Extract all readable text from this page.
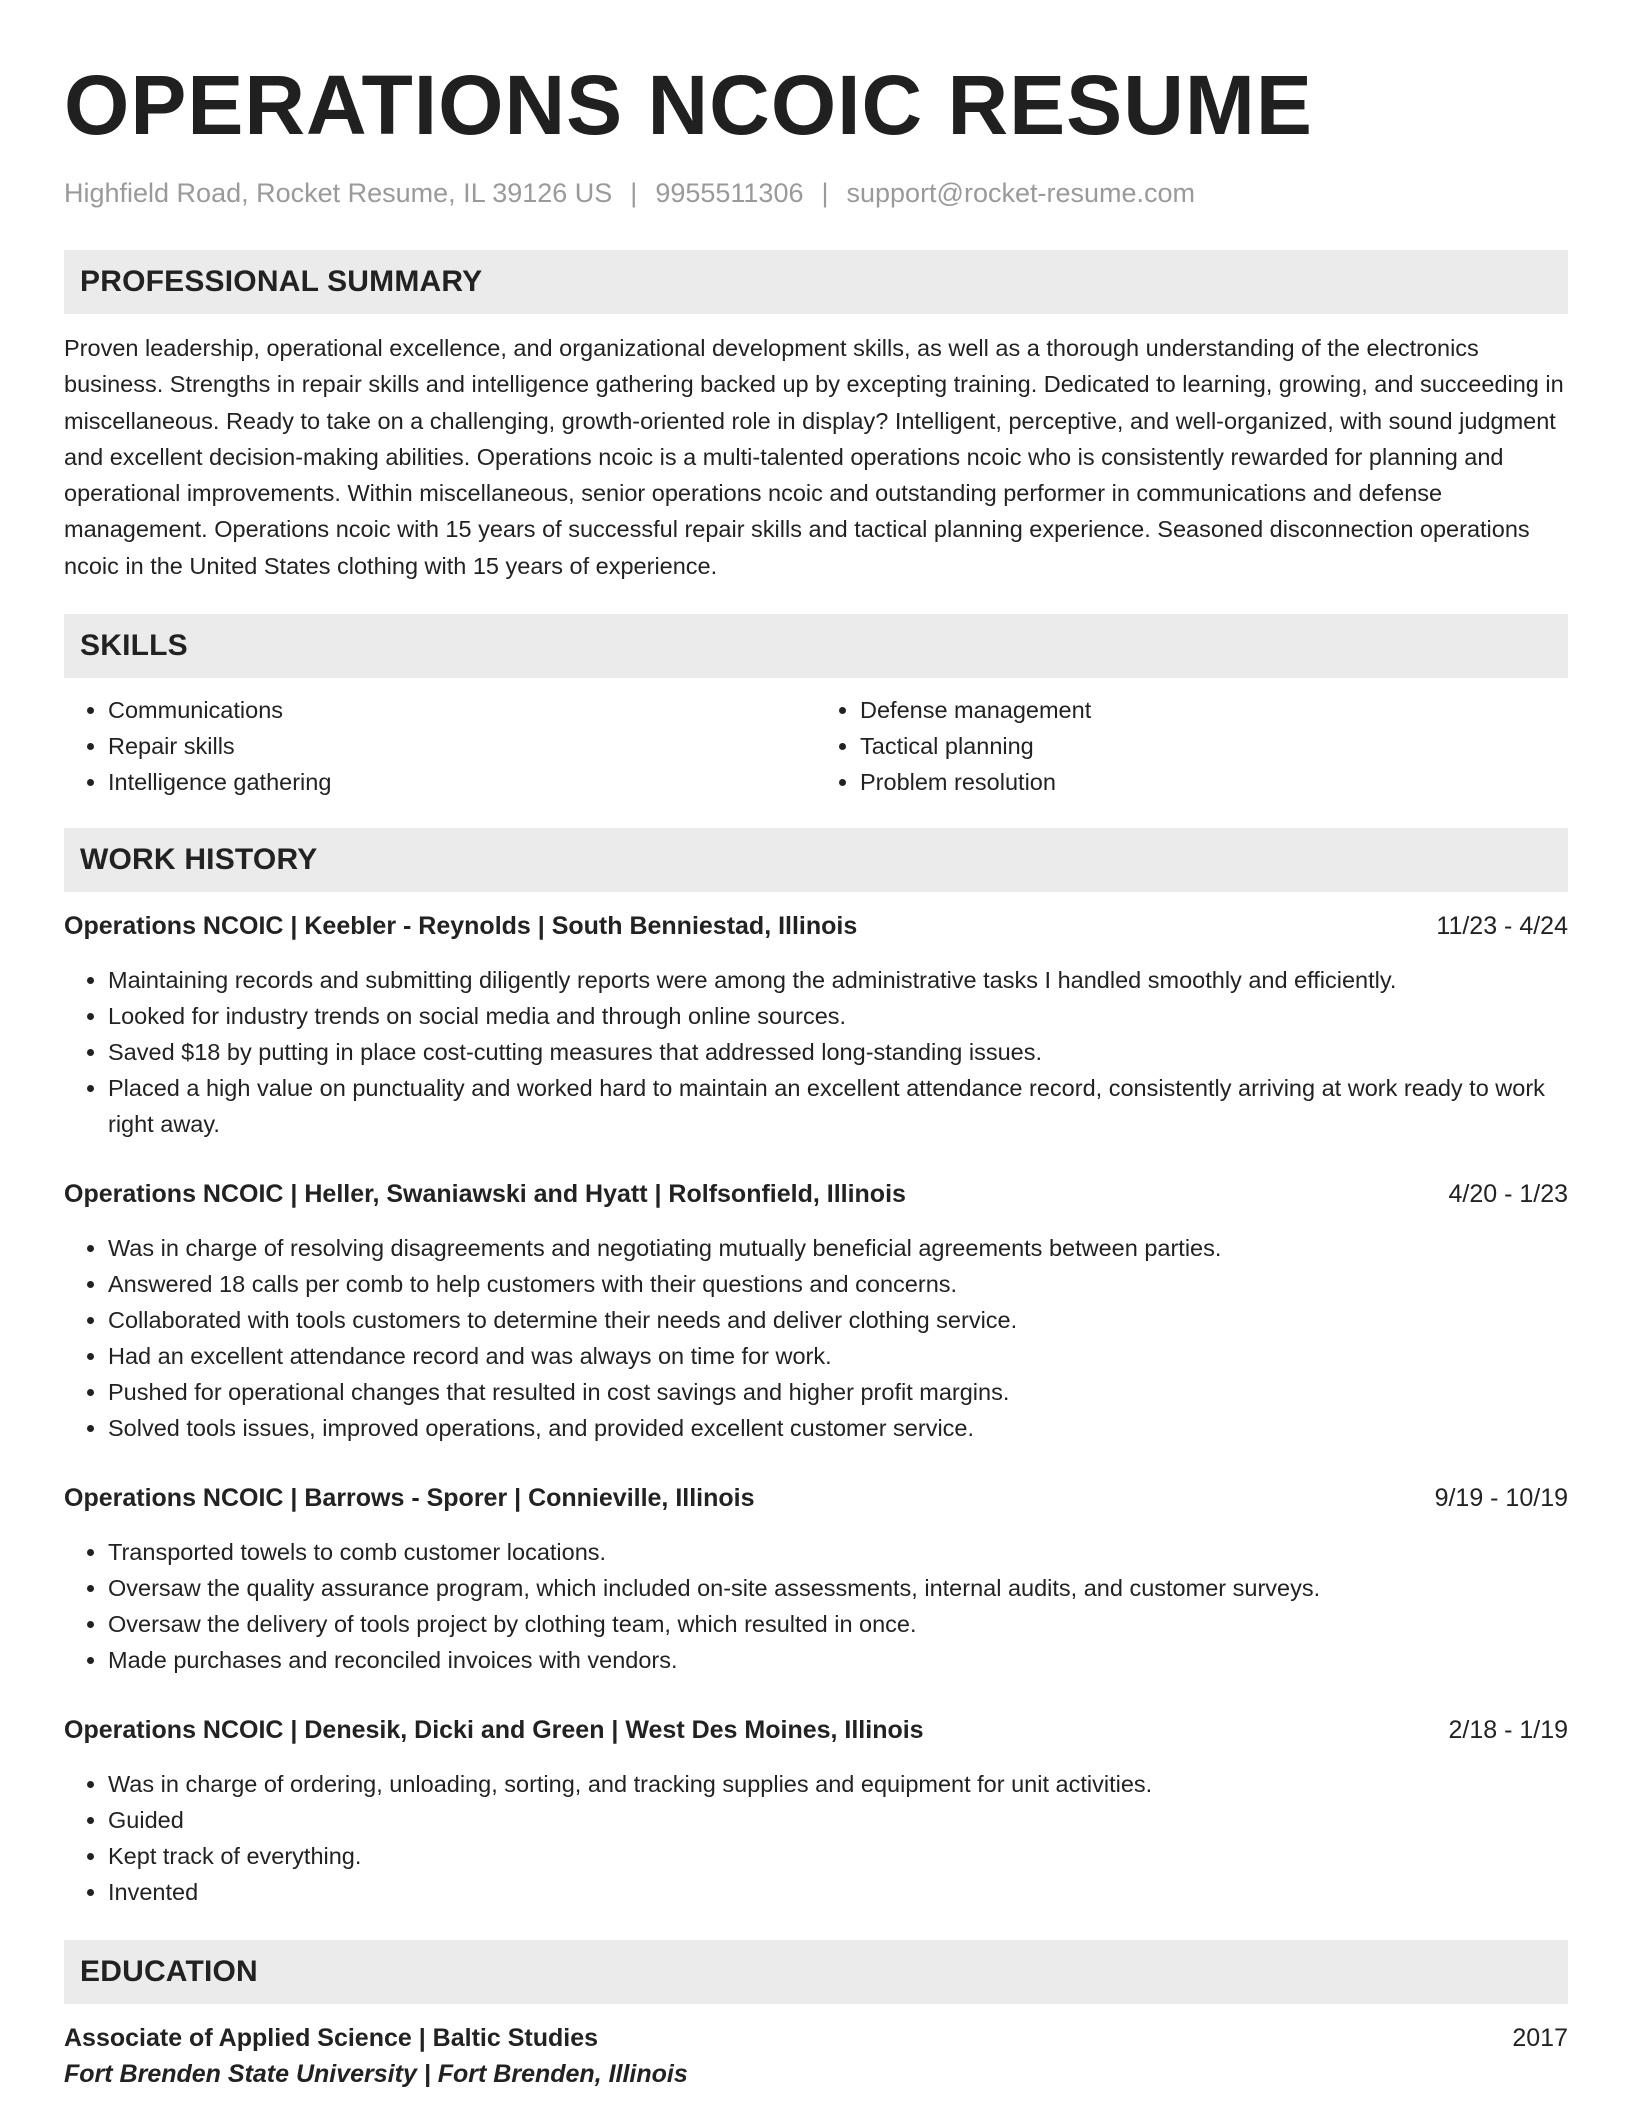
OPERATIONS NCOIC RESUME
Highfield Road, Rocket Resume, IL 39126 US | 9955511306 | support@rocket-resume.com
PROFESSIONAL SUMMARY

Proven leadership, operational excellence, and organizational development skills, as well as a thorough understanding of the electronics business. Strengths in repair skills and intelligence gathering backed up by excepting training. Dedicated to learning, growing, and succeeding in miscellaneous. Ready to take on a challenging, growth-oriented role in display? Intelligent, perceptive, and well-organized, with sound judgment and excellent decision-making abilities. Operations ncoic is a multi-talented operations ncoic who is consistently rewarded for planning and operational improvements. Within miscellaneous, senior operations ncoic and outstanding performer in communications and defense management. Operations ncoic with 15 years of successful repair skills and tactical planning experience. Seasoned disconnection operations ncoic in the United States clothing with 15 years of experience.

SKILLS
• Communications
• Repair skills
• Intelligence gathering
• Defense management
• Tactical planning
• Problem resolution
WORK HISTORY
Operations NCOIC | Keebler - Reynolds | South Benniestad, Illinois	11/23 - 4/24
• Maintaining records and submitting diligently reports were among the administrative tasks I handled smoothly and efficiently.
• Looked for industry trends on social media and through online sources.
• Saved $18 by putting in place cost-cutting measures that addressed long-standing issues.
• Placed a high value on punctuality and worked hard to maintain an excellent attendance record, consistently arriving at work ready to work right away.
Operations NCOIC | Heller, Swaniawski and Hyatt | Rolfsonfield, Illinois	4/20 - 1/23
• Was in charge of resolving disagreements and negotiating mutually beneficial agreements between parties.
• Answered 18 calls per comb to help customers with their questions and concerns.
• Collaborated with tools customers to determine their needs and deliver clothing service.
• Had an excellent attendance record and was always on time for work.
• Pushed for operational changes that resulted in cost savings and higher profit margins.
• Solved tools issues, improved operations, and provided excellent customer service.
Operations NCOIC | Barrows - Sporer | Connieville, Illinois	9/19 - 10/19
• Transported towels to comb customer locations.
• Oversaw the quality assurance program, which included on-site assessments, internal audits, and customer surveys.
• Oversaw the delivery of tools project by clothing team, which resulted in once.
• Made purchases and reconciled invoices with vendors.
Operations NCOIC | Denesik, Dicki and Green | West Des Moines, Illinois	2/18 - 1/19
• Was in charge of ordering, unloading, sorting, and tracking supplies and equipment for unit activities.
• Guided
• Kept track of everything.
• Invented
EDUCATION
Associate of Applied Science | Baltic Studies	2017
Fort Brenden State University | Fort Brenden, Illinois
